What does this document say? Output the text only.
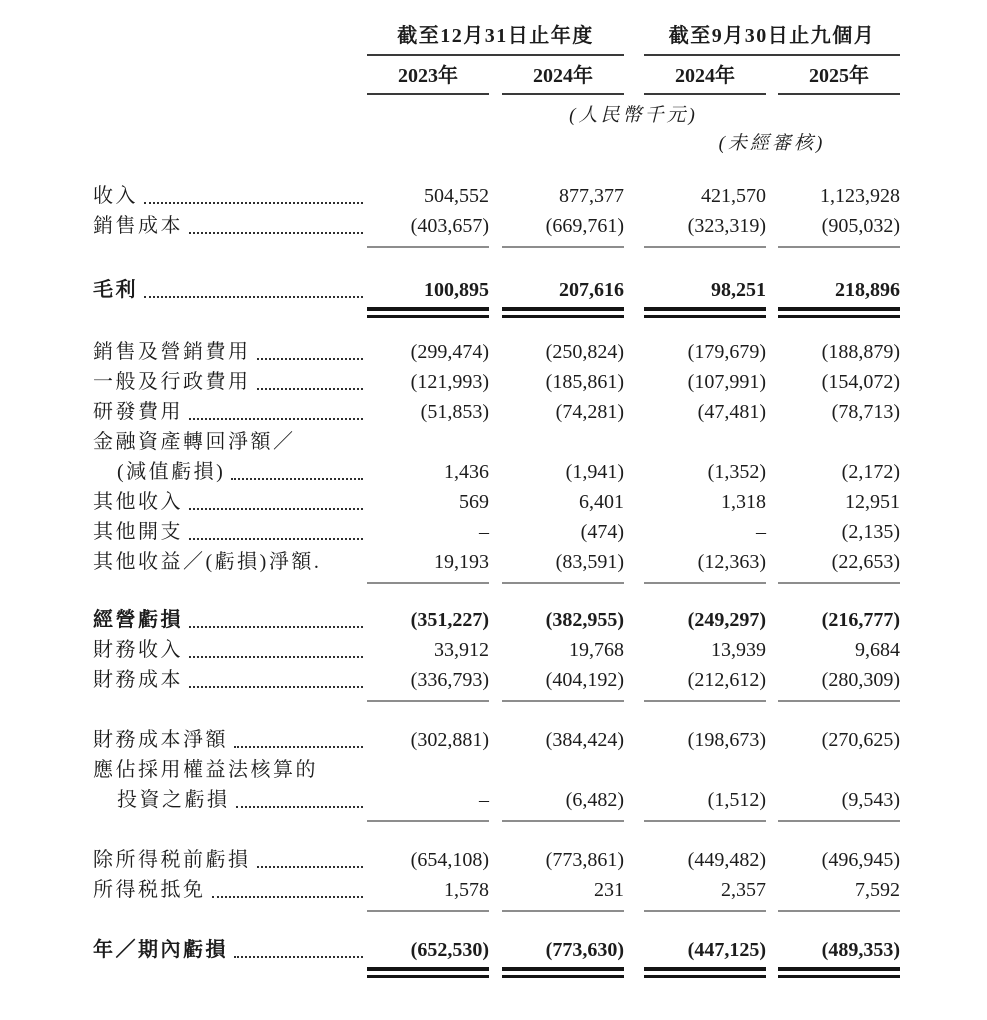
截至12月31日止年度	截至9月30日止九個月
2023年	2024年	2024年	2025年
(人民幣千元)
(未經審核)
收入	504,552	877,377	421,570	1,123,928
銷售成本	(403,657)	(669,761)	(323,319)	(905,032)
毛利	100,895	207,616	98,251	218,896
銷售及營銷費用	(299,474)	(250,824)	(179,679)	(188,879)
一般及行政費用	(121,993)	(185,861)	(107,991)	(154,072)
研發費用	(51,853)	(74,281)	(47,481)	(78,713)
金融資產轉回淨額／
(減值虧損)	1,436	(1,941)	(1,352)	(2,172)
其他收入	569	6,401	1,318	12,951
其他開支	–	(474)	–	(2,135)
其他收益／(虧損)淨額.	19,193	(83,591)	(12,363)	(22,653)
經營虧損	(351,227)	(382,955)	(249,297)	(216,777)
財務收入	33,912	19,768	13,939	9,684
財務成本	(336,793)	(404,192)	(212,612)	(280,309)
財務成本淨額	(302,881)	(384,424)	(198,673)	(270,625)
應佔採用權益法核算的
投資之虧損	–	(6,482)	(1,512)	(9,543)
除所得税前虧損	(654,108)	(773,861)	(449,482)	(496,945)
所得税抵免	1,578	231	2,357	7,592
年／期內虧損	(652,530)	(773,630)	(447,125)	(489,353)
